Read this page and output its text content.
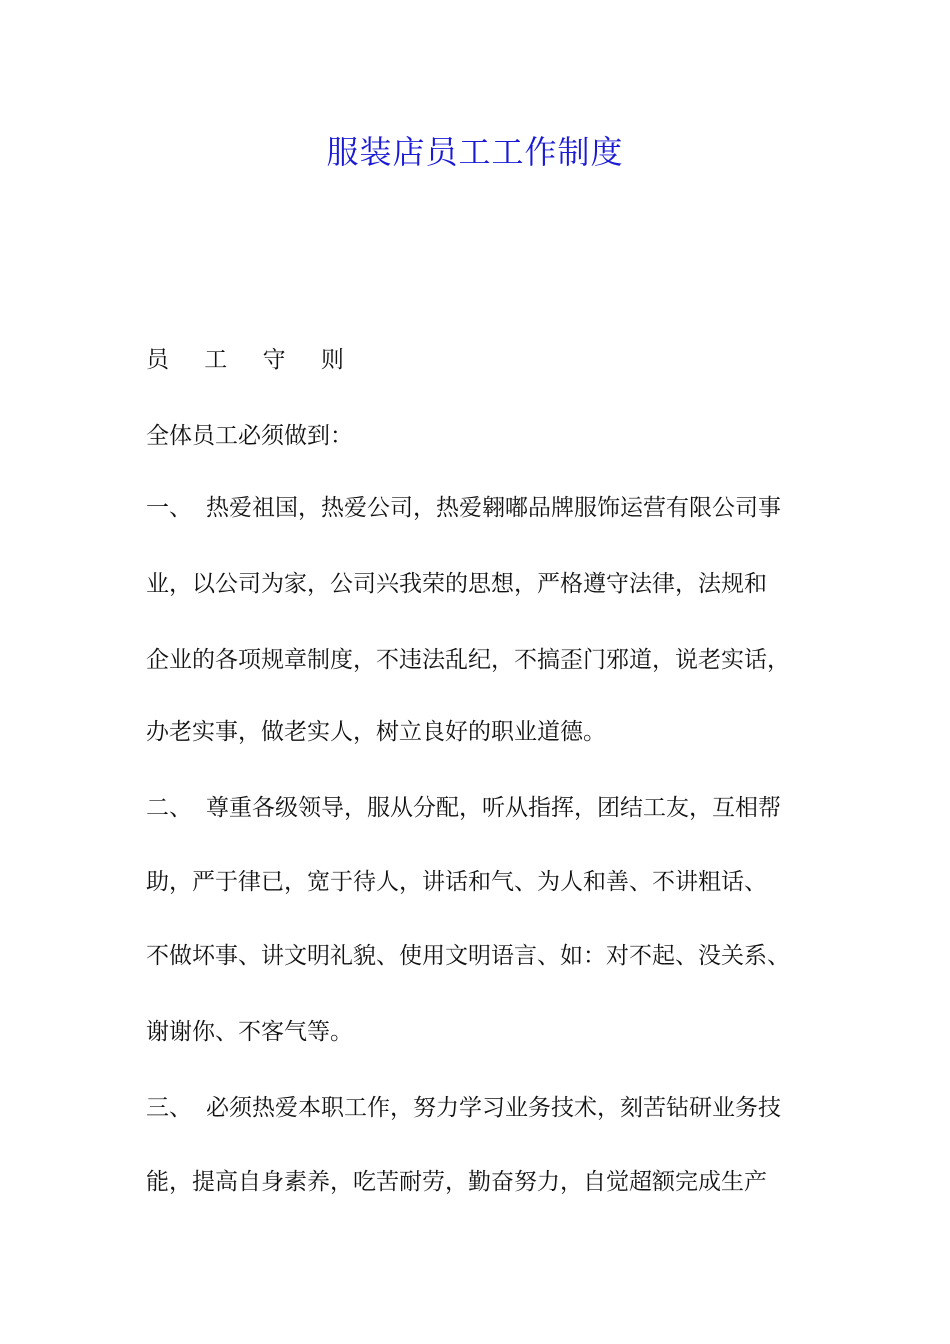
服装店员工工作制度
员 工 守 则
全体员工必须做到：
一、 热爱祖国，热爱公司，热爱翱嘟品牌服饰运营有限公司事
业，以公司为家，公司兴我荣的思想，严格遵守法律，法规和
企业的各项规章制度，不违法乱纪，不搞歪门邪道，说老实话，
办老实事，做老实人，树立良好的职业道德。
二、 尊重各级领导，服从分配，听从指挥，团结工友，互相帮
助，严于律已，宽于待人，讲话和气、为人和善、不讲粗话、
不做坏事、讲文明礼貌、使用文明语言、如：对不起、没关系、
谢谢你、不客气等。
三、 必须热爱本职工作，努力学习业务技术，刻苦钻研业务技
能，提高自身素养，吃苦耐劳，勤奋努力，自觉超额完成生产
